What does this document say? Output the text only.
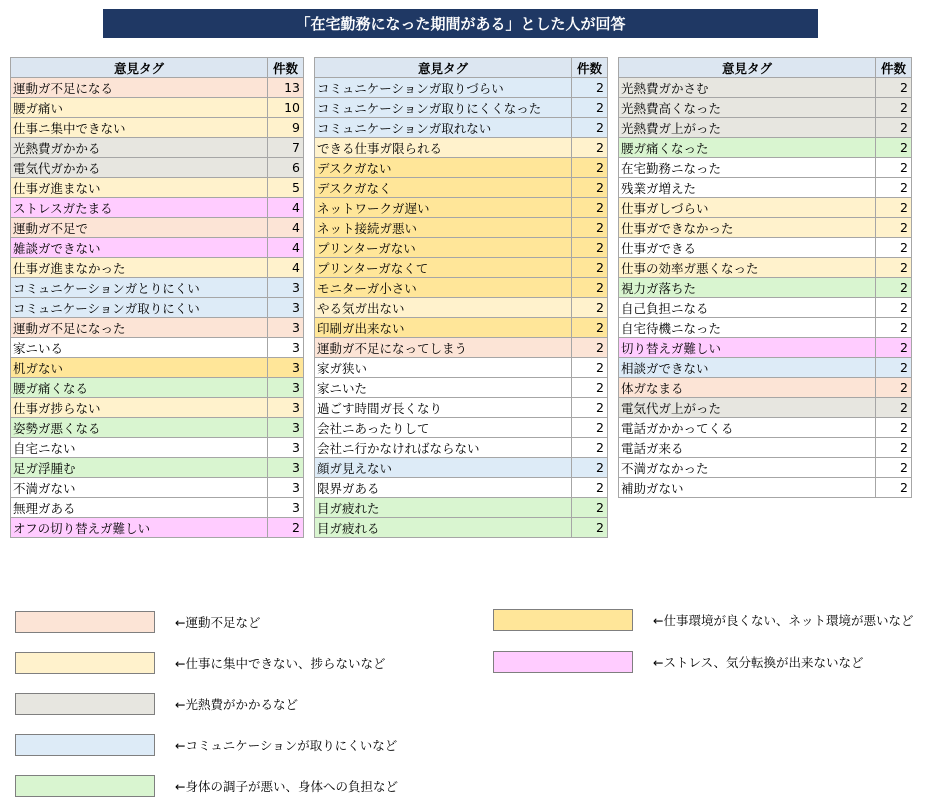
「在宅勤務になった期間がある」とした人が回答
意見タグ	件数
運動ガ不足になる	13
腰ガ痛い	10
仕事ニ集中できない	9
光熱費ガかかる	7
電気代ガかかる	6
仕事ガ進まない	5
ストレスガたまる	4
運動ガ不足で	4
雑談ガできない	4
仕事ガ進まなかった	4
コミュニケーションガとりにくい	3
コミュニケーションガ取りにくい	3
運動ガ不足になった	3
家ニいる	3
机ガない	3
腰ガ痛くなる	3
仕事ガ捗らない	3
姿勢ガ悪くなる	3
自宅ニない	3
足ガ浮腫む	3
不満ガない	3
無理ガある	3
オフの切り替えガ難しい	2
意見タグ	件数
コミュニケーションガ取りづらい	2
コミュニケーションガ取りにくくなった	2
コミュニケーションガ取れない	2
できる仕事ガ限られる	2
デスクガない	2
デスクガなく	2
ネットワークガ遅い	2
ネット接続ガ悪い	2
プリンターガない	2
プリンターガなくて	2
モニターガ小さい	2
やる気ガ出ない	2
印刷ガ出来ない	2
運動ガ不足になってしまう	2
家ガ狭い	2
家ニいた	2
過ごす時間ガ長くなり	2
会社ニあったりして	2
会社ニ行かなければならない	2
顔ガ見えない	2
限界ガある	2
目ガ疲れた	2
目ガ疲れる	2
意見タグ	件数
光熱費ガかさむ	2
光熱費高くなった	2
光熱費ガ上がった	2
腰ガ痛くなった	2
在宅勤務ニなった	2
残業ガ増えた	2
仕事ガしづらい	2
仕事ガできなかった	2
仕事ガできる	2
仕事の効率ガ悪くなった	2
視力ガ落ちた	2
自己負担ニなる	2
自宅待機ニなった	2
切り替えガ難しい	2
相談ガできない	2
体ガなまる	2
電気代ガ上がった	2
電話ガかかってくる	2
電話ガ来る	2
不満ガなかった	2
補助ガない	2
←運動不足など
←仕事に集中できない、捗らないなど
←光熱費がかかるなど
←コミュニケーションが取りにくいなど
←身体の調子が悪い、身体への負担など
←仕事環境が良くない、ネット環境が悪いなど
←ストレス、気分転換が出来ないなど
